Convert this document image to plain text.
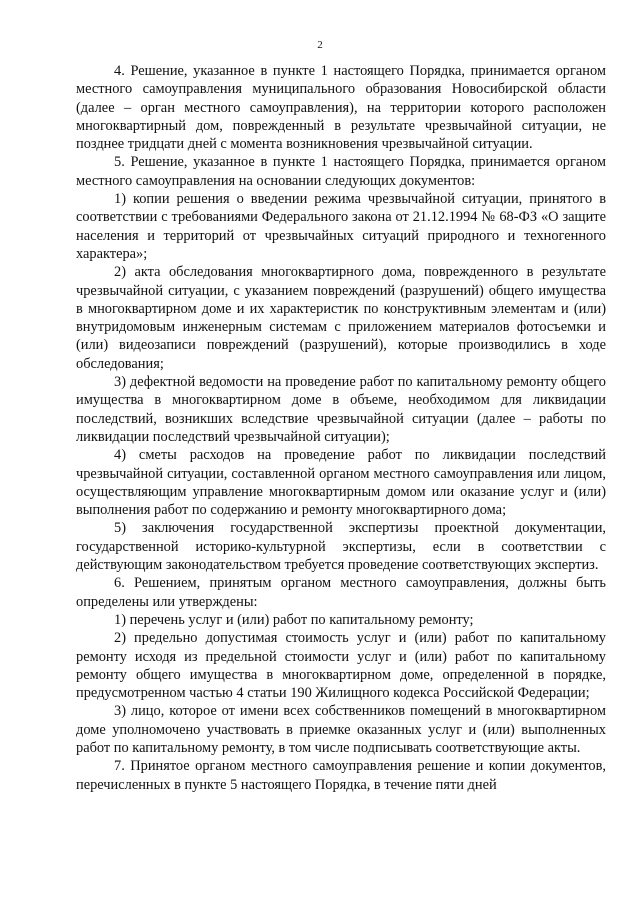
2

4. Решение, указанное в пункте 1 настоящего Порядка, принимается органом местного самоуправления муниципального образования Новосибирской области (далее – орган местного самоуправления), на территории которого расположен многоквартирный дом, поврежденный в результате чрезвычайной ситуации, не позднее тридцати дней с момента возникновения чрезвычайной ситуации.

5. Решение, указанное в пункте 1 настоящего Порядка, принимается органом местного самоуправления на основании следующих документов:

1) копии решения о введении режима чрезвычайной ситуации, принятого в соответствии с требованиями Федерального закона от 21.12.1994 № 68-ФЗ «О защите населения и территорий от чрезвычайных ситуаций природного и техногенного характера»;

2) акта обследования многоквартирного дома, поврежденного в результате чрезвычайной ситуации, с указанием повреждений (разрушений) общего имущества в многоквартирном доме и их характеристик по конструктивным элементам и (или) внутридомовым инженерным системам с приложением материалов фотосъемки и (или) видеозаписи повреждений (разрушений), которые производились в ходе обследования;

3) дефектной ведомости на проведение работ по капитальному ремонту общего имущества в многоквартирном доме в объеме, необходимом для ликвидации последствий, возникших вследствие чрезвычайной ситуации (далее – работы по ликвидации последствий чрезвычайной ситуации);

4) сметы расходов на проведение работ по ликвидации последствий чрезвычайной ситуации, составленной органом местного самоуправления или лицом, осуществляющим управление многоквартирным домом или оказание услуг и (или) выполнения работ по содержанию и ремонту многоквартирного дома;

5) заключения государственной экспертизы проектной документации, государственной историко-культурной экспертизы, если в соответствии с действующим законодательством требуется проведение соответствующих экспертиз.

6. Решением, принятым органом местного самоуправления, должны быть определены или утверждены:

1) перечень услуг и (или) работ по капитальному ремонту;

2) предельно допустимая стоимость услуг и (или) работ по капитальному ремонту исходя из предельной стоимости услуг и (или) работ по капитальному ремонту общего имущества в многоквартирном доме, определенной в порядке, предусмотренном частью 4 статьи 190 Жилищного кодекса Российской Федерации;

3) лицо, которое от имени всех собственников помещений в многоквартирном доме уполномочено участвовать в приемке оказанных услуг и (или) выполненных работ по капитальному ремонту, в том числе подписывать соответствующие акты.

7. Принятое органом местного самоуправления решение и копии документов, перечисленных в пункте 5 настоящего Порядка, в течение пяти дней
